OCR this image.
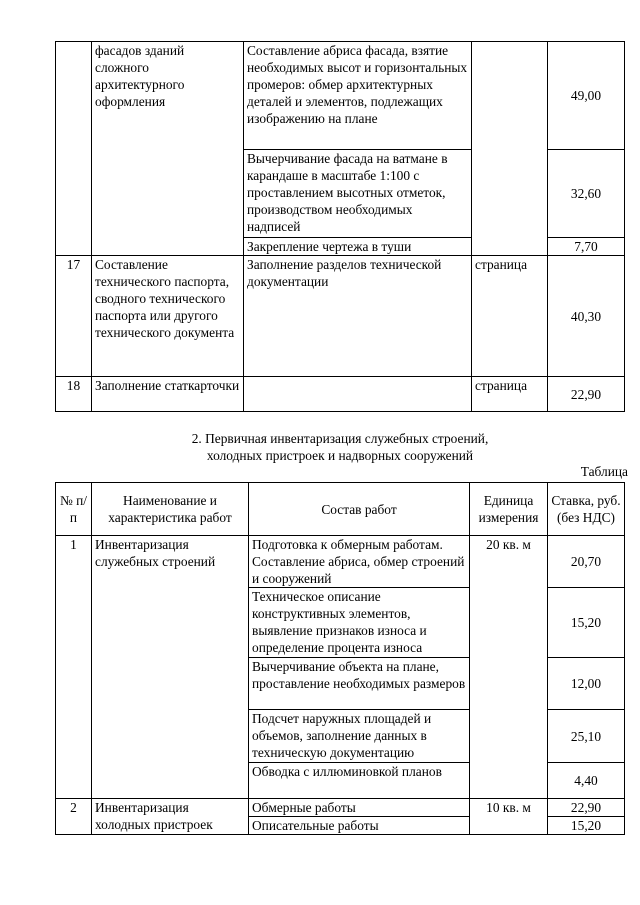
	фасадов зданий сложного архитектурного оформления	Составление абриса фасада, взятие необходимых высот и горизонтальных промеров: обмер архитектурных деталей и элементов, подлежащих изображению на плане		49,00
		Вычерчивание фасада на ватмане в карандаше в масштабе 1:100 с проставлением высотных отметок, производством необходимых надписей		32,60
		Закрепление чертежа в туши		7,70
17	Составление технического паспорта, сводного технического паспорта или другого технического документа	Заполнение разделов технической документации	страница	40,30
18	Заполнение статкарточки		страница	22,90
2. Первичная инвентаризация служебных строений,
холодных пристроек и надворных сооружений
Таблица
№ п/п	Наименование и характеристика работ	Состав работ	Единица измерения	Ставка, руб. (без НДС)
1	Инвентаризация служебных строений	Подготовка к обмерным работам. Составление абриса, обмер строений и сооружений	20 кв. м	20,70
		Техническое описание конструктивных элементов, выявление признаков износа и определение процента износа		15,20
		Вычерчивание объекта на плане, проставление необходимых размеров		12,00
		Подсчет наружных площадей и объемов, заполнение данных в техническую документацию		25,10
		Обводка с иллюминовкой планов		4,40
2	Инвентаризация холодных пристроек	Обмерные работы	10 кв. м	22,90
		Описательные работы		15,20
